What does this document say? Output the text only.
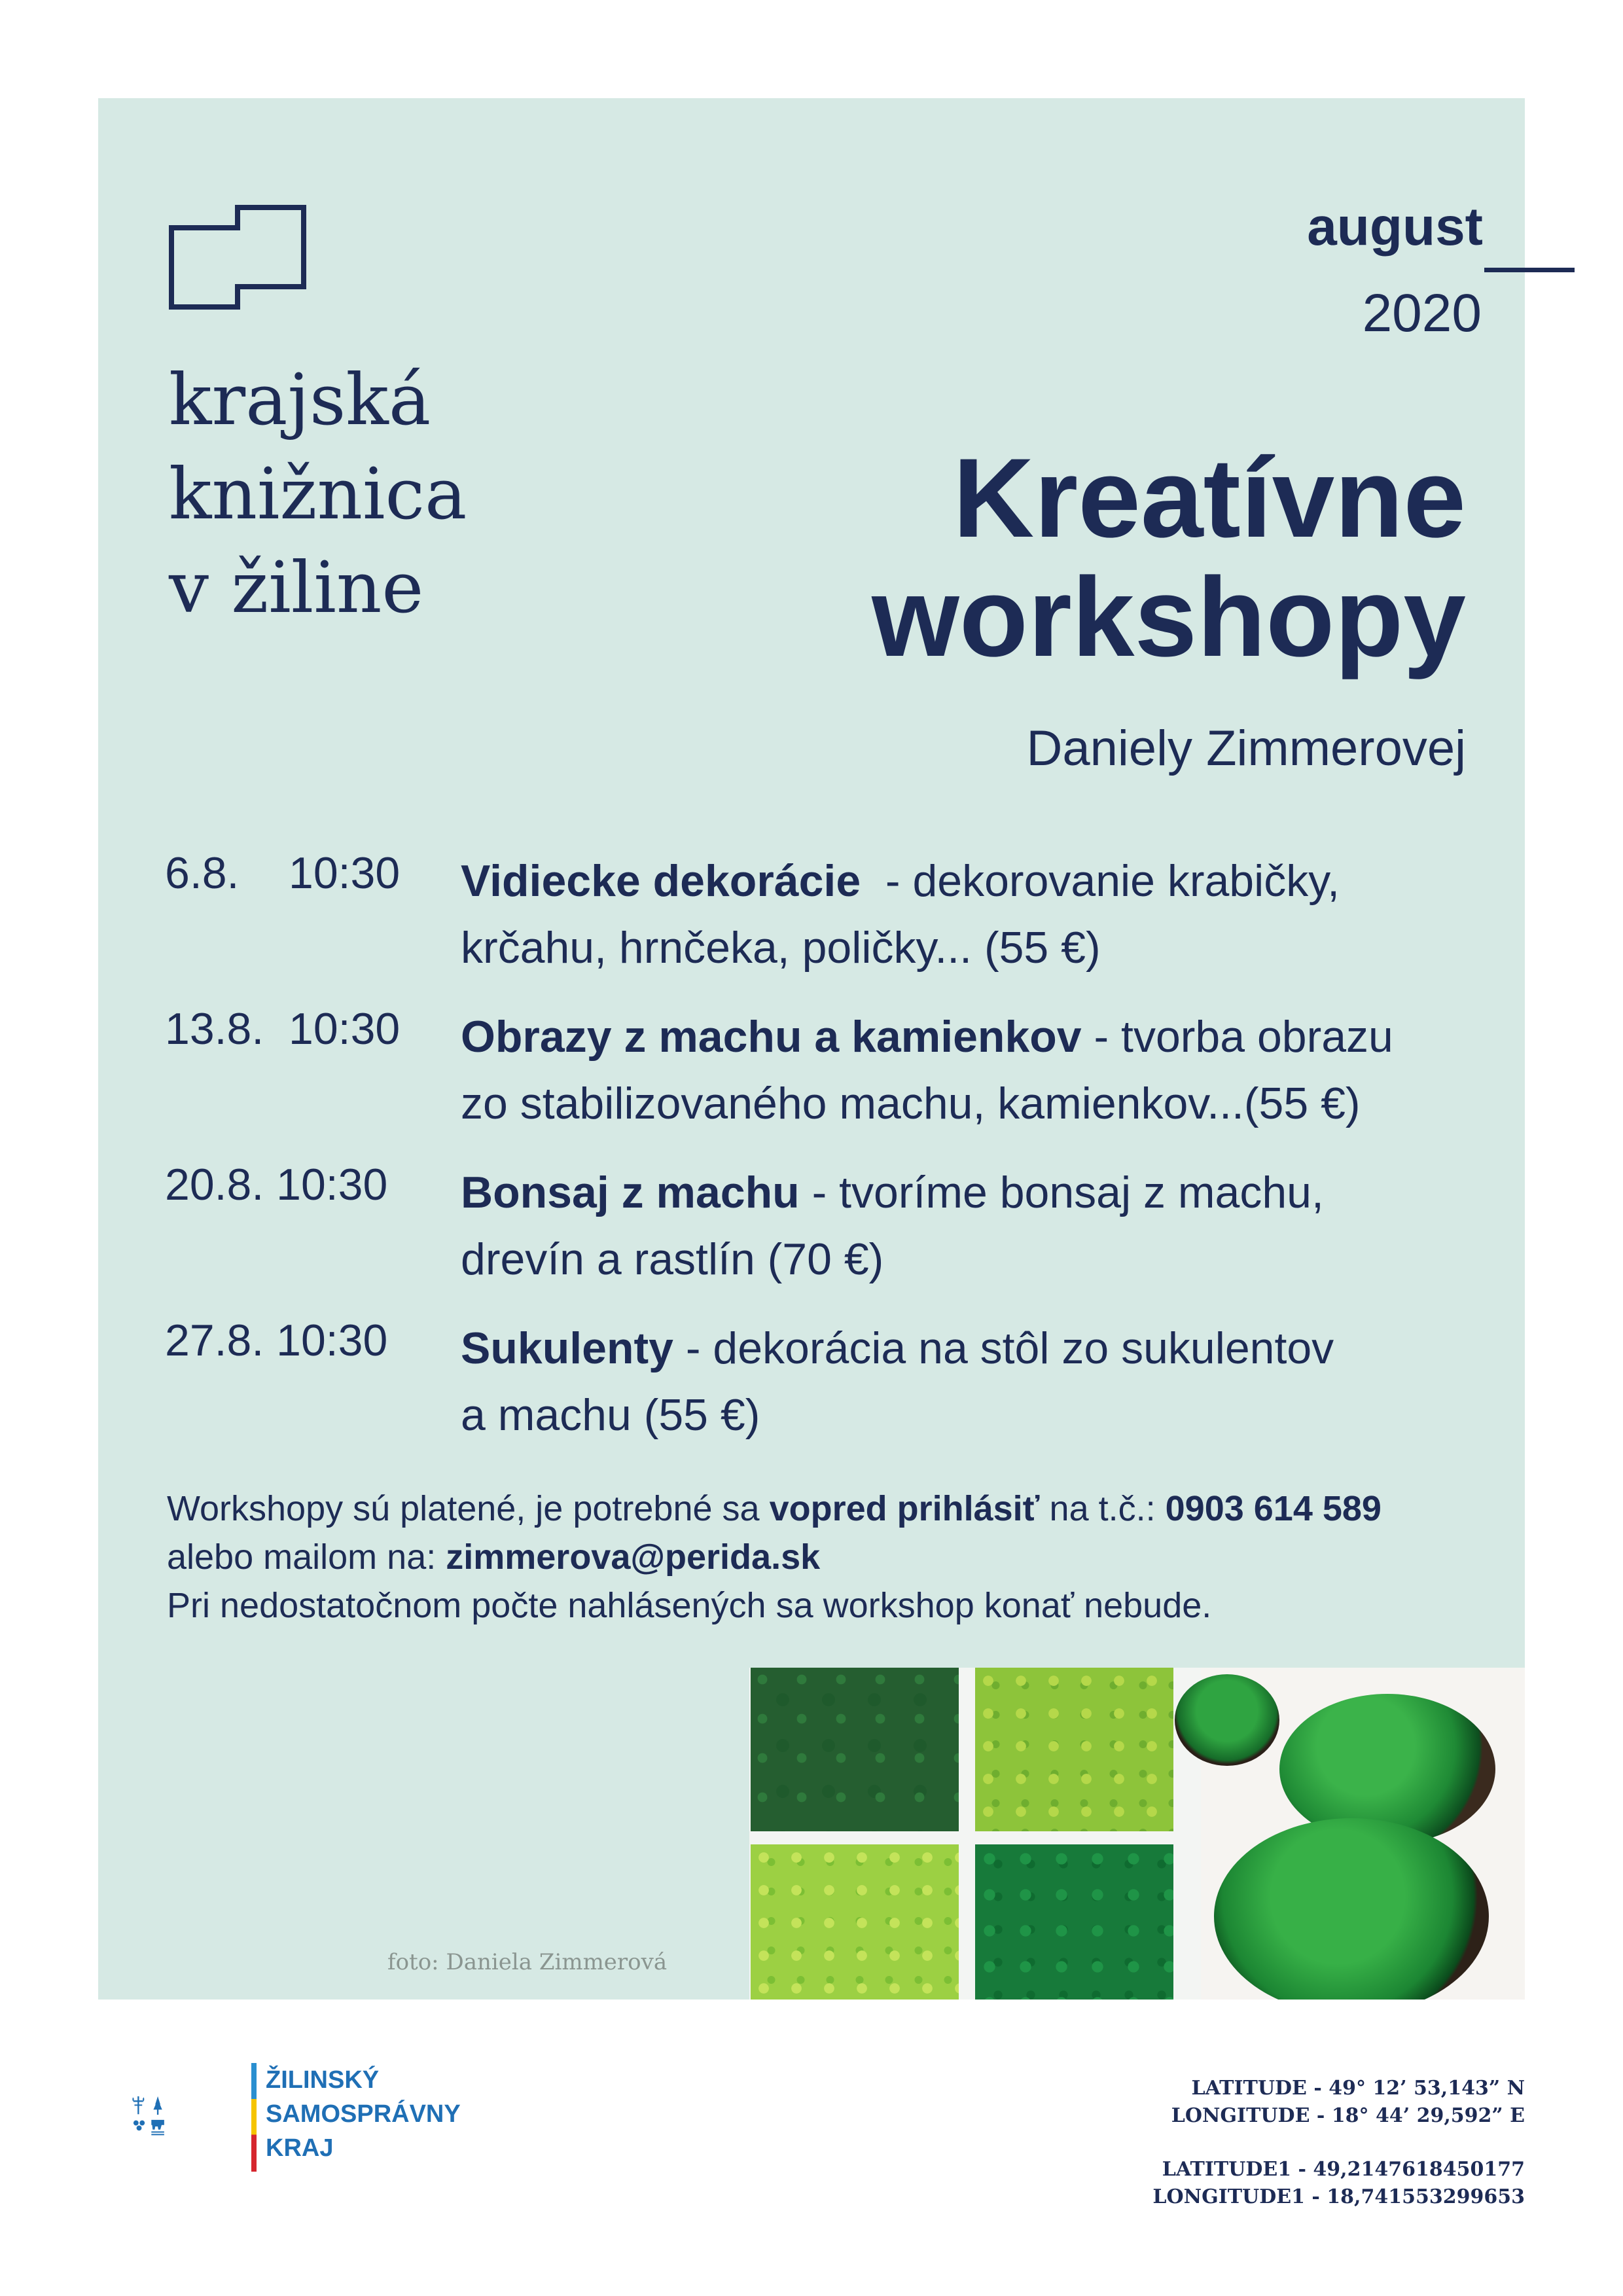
krajská
knižnica
v žiline
august
2020
Kreatívne
workshopy
Daniely Zimmerovej
6.8. 10:30 Vidiecke dekorácie  - dekorovanie krabičky,
krčahu, hrnčeka, poličky... (55 €)
13.8. 10:30 Obrazy z machu a kamienkov - tvorba obrazu
zo stabilizovaného machu, kamienkov...(55 €)
20.8. 10:30 Bonsaj z machu - tvoríme bonsaj z machu,
drevín a rastlín (70 €)
27.8. 10:30 Sukulenty - dekorácia na stôl zo sukulentov
a machu (55 €)
Workshopy sú platené, je potrebné sa vopred prihlásiť na t.č.: 0903 614 589
alebo mailom na: zimmerova@perida.sk
Pri nedostatočnom počte nahlásených sa workshop konať nebude.
foto: Daniela Zimmerová
ŽILINSKÝ
SAMOSPRÁVNY
KRAJ
LATITUDE - 49° 12’ 53,143” N
LONGITUDE - 18° 44’ 29,592” E
LATITUDE1 - 49,2147618450177
LONGITUDE1 - 18,741553299653
